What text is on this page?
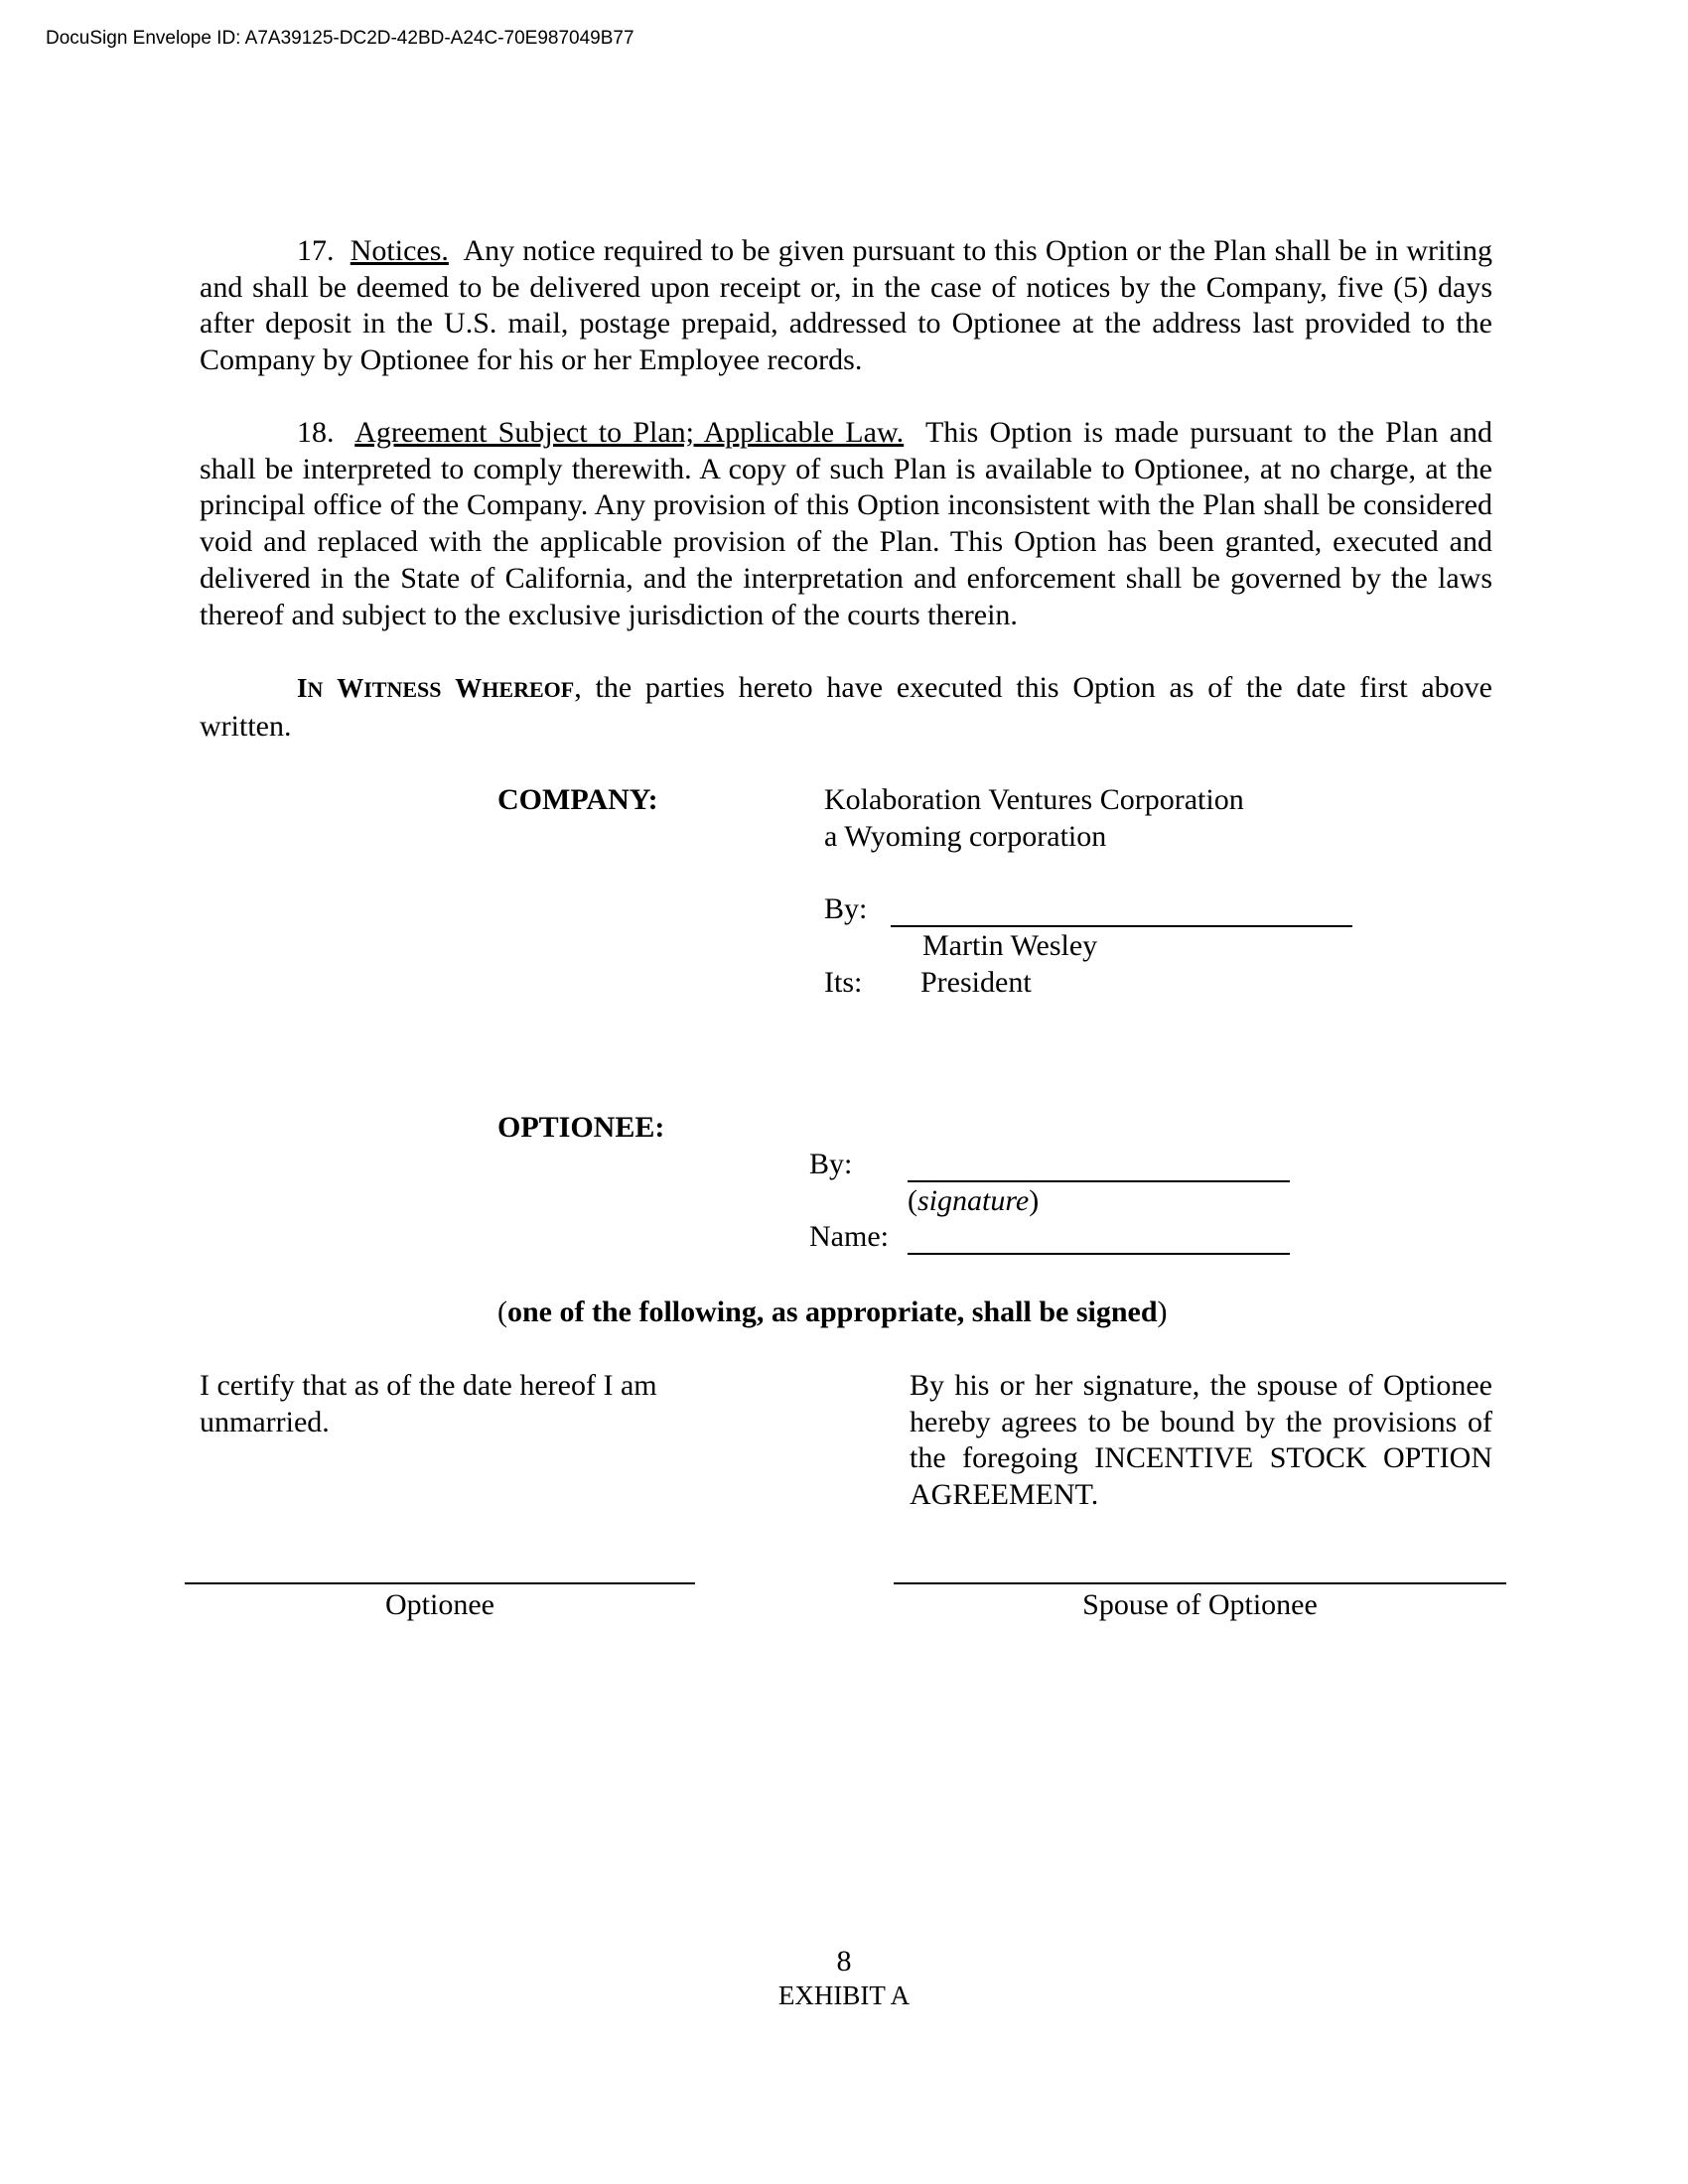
DocuSign Envelope ID: A7A39125-DC2D-42BD-A24C-70E987049B77

17. Notices. Any notice required to be given pursuant to this Option or the Plan shall be in writing and shall be deemed to be delivered upon receipt or, in the case of notices by the Company, five (5) days after deposit in the U.S. mail, postage prepaid, addressed to Optionee at the address last provided to the Company by Optionee for his or her Employee records.

18. Agreement Subject to Plan; Applicable Law. This Option is made pursuant to the Plan and shall be interpreted to comply therewith. A copy of such Plan is available to Optionee, at no charge, at the principal office of the Company. Any provision of this Option inconsistent with the Plan shall be considered void and replaced with the applicable provision of the Plan. This Option has been granted, executed and delivered in the State of California, and the interpretation and enforcement shall be governed by the laws thereof and subject to the exclusive jurisdiction of the courts therein.

IN WITNESS WHEREOF, the parties hereto have executed this Option as of the date first above written.

COMPANY:	Kolaboration Ventures Corporation
a Wyoming corporation
By:
Martin Wesley
Its: President
OPTIONEE:
By:
(signature)
Name:
(one of the following, as appropriate, shall be signed)

I certify that as of the date hereof I am unmarried.

By his or her signature, the spouse of Optionee hereby agrees to be bound by the provisions of the foregoing INCENTIVE STOCK OPTION AGREEMENT.

Optionee	Spouse of Optionee
8
EXHIBIT A
